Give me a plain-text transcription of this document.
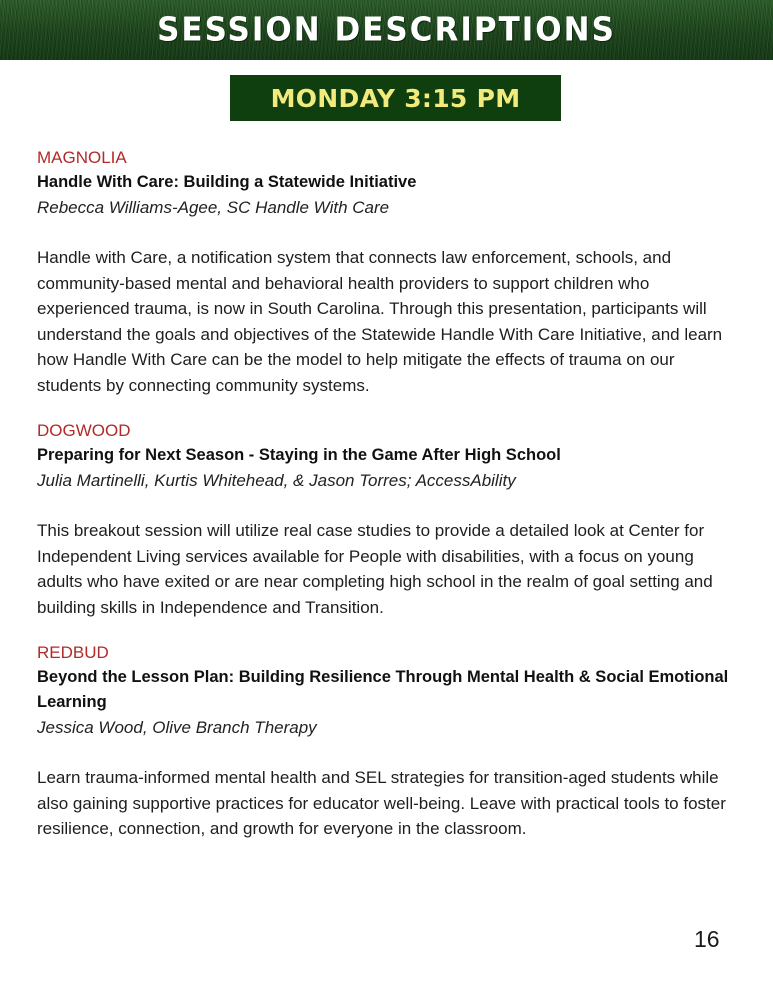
SESSION DESCRIPTIONS
MONDAY 3:15 PM
MAGNOLIA
Handle With Care: Building a Statewide Initiative
Rebecca Williams-Agee, SC Handle With Care
Handle with Care, a notification system that connects law enforcement, schools, and community-based mental and behavioral health providers to support children who experienced trauma, is now in South Carolina. Through this presentation, participants will understand the goals and objectives of the Statewide Handle With Care Initiative, and learn how Handle With Care can be the model to help mitigate the effects of trauma on our students by connecting community systems.
DOGWOOD
Preparing for Next Season - Staying in the Game After High School
Julia Martinelli, Kurtis Whitehead, & Jason Torres; AccessAbility
This breakout session will utilize real case studies to provide a detailed look at Center for Independent Living services available for People with disabilities, with a focus on young adults who have exited or are near completing high school in the realm of goal setting and building skills in Independence and Transition.
REDBUD
Beyond the Lesson Plan: Building Resilience Through Mental Health & Social Emotional Learning
Jessica Wood, Olive Branch Therapy
Learn trauma-informed mental health and SEL strategies for transition-aged students while also gaining supportive practices for educator well-being. Leave with practical tools to foster resilience, connection, and growth for everyone in the classroom.
16
